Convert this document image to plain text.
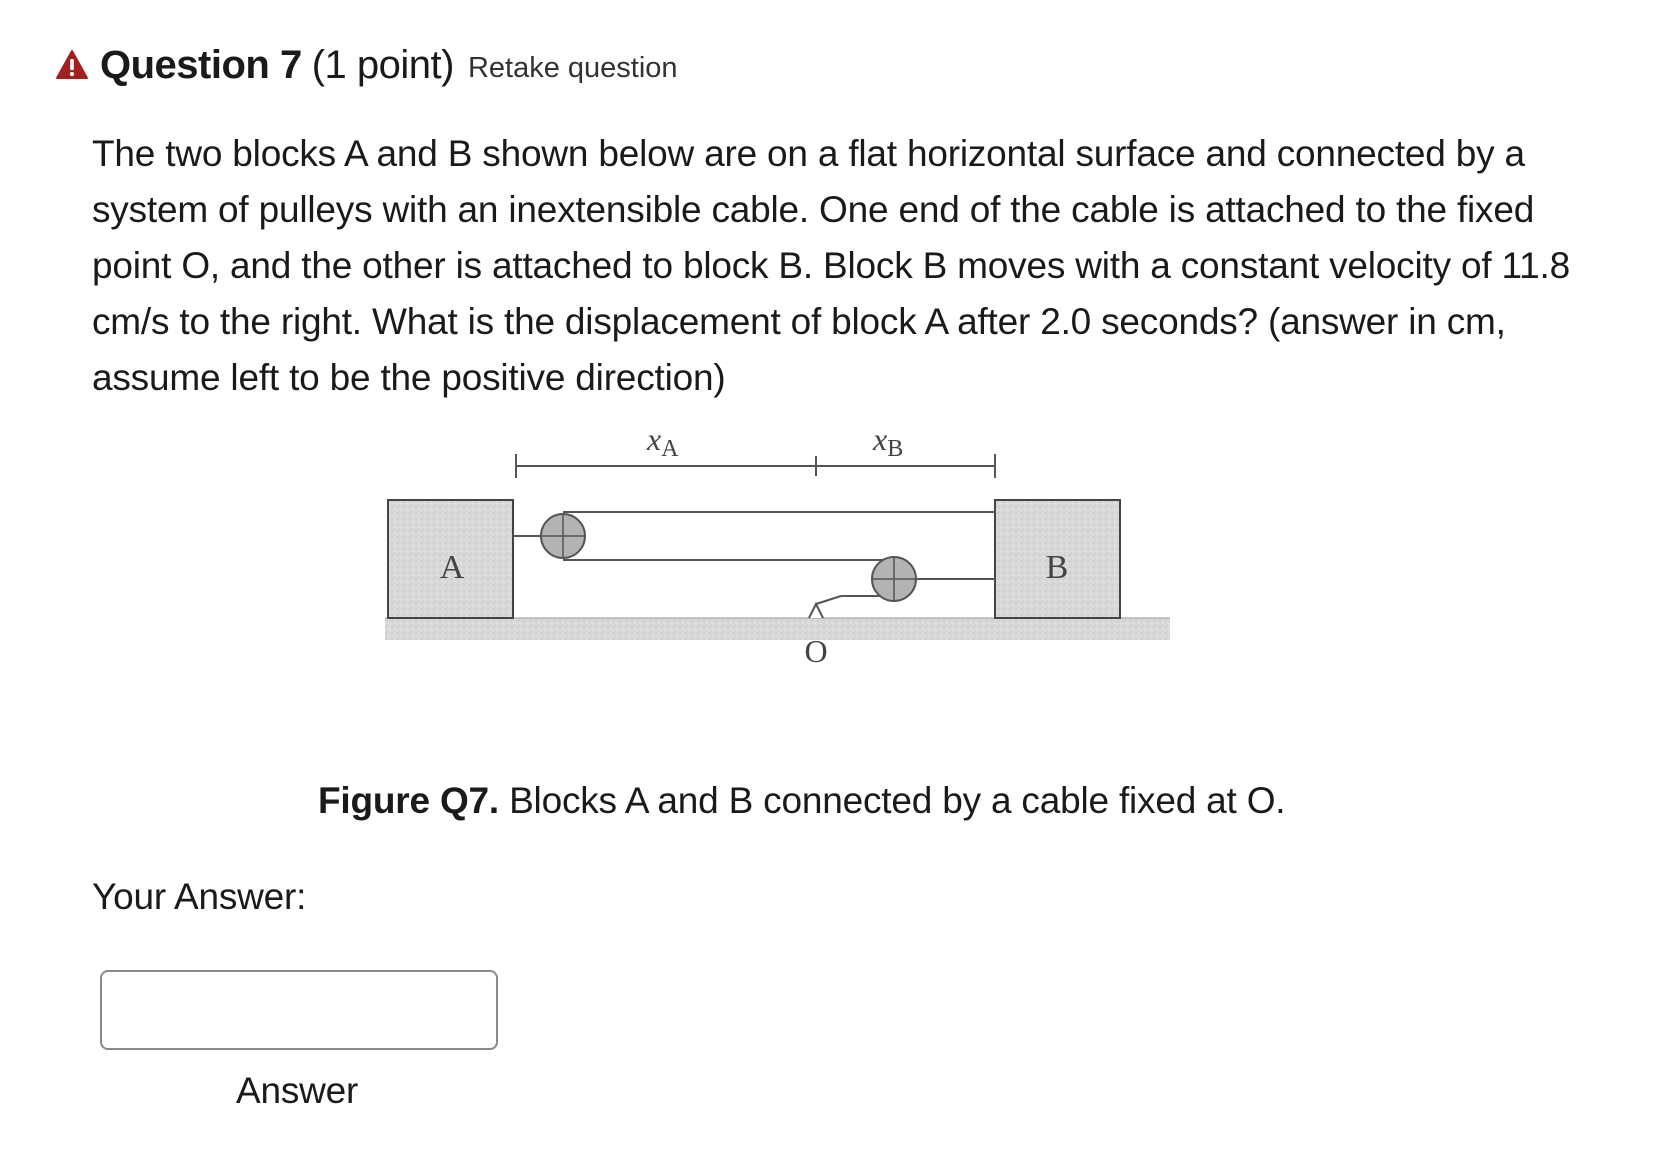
Question 7 (1 point) Retake question
The two blocks A and B shown below are on a flat horizontal surface and connected by a system of pulleys with an inextensible cable. One end of the cable is attached to the fixed point O, and the other is attached to block B. Block B moves with a constant velocity of 11.8 cm/s to the right. What is the displacement of block A after 2.0 seconds? (answer in cm, assume left to be the positive direction)
xA	xB
A	B
O
Figure Q7. Blocks A and B connected by a cable fixed at O.
Your Answer:
Answer
